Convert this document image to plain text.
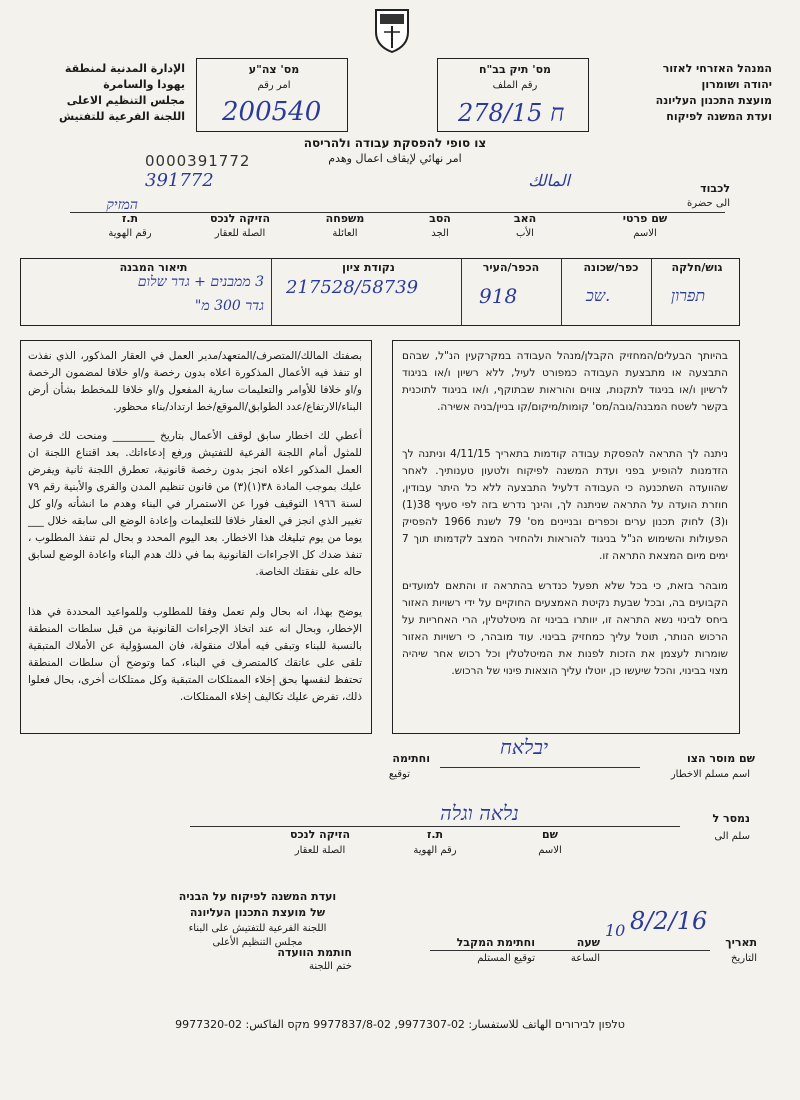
המנהל האזרחי לאזור
יהודה ושומרון
מועצת התכנון העליונה
ועדת המשנה לפיקוח
الإدارة المدنية لمنطقة
يهودا والسامرة
مجلس التنظيم الاعلى
اللجنة الفرعية للتفتيش
מס' תיק בב"ח
رقم الملف
278/15 ח
מס' צה"ע
امر رقم
200540
צו סופי להפסקת עבודה ולהריסה
امر نهائي لإيقاف اعمال وهدم
0000391772
391772	לכבוד
الى حضرة
المالك
המזיק
שם פרטי
الاسم
האב
الأب
הסב
الجد
משפחה
العائلة
הזיקה לנכס
الصلة للعقار
ת.ז
رقم الهوية
גוש/חלקה
כפר/שכונה
הכפר/העיר
נקודת ציון
תיאור המבנה
תפרון
שכ.
918
217528/58739
3 ממבנים + גדר שלום
גדר 300 מ"
בהיותך הבעלים/המחזיק הקבלן/מנהל העבודה במקרקעין הנ"ל, שבהם התבצעה או מתבצעת העבודה כמפורט לעיל, ללא רשיון ו/או בניגוד לרשיון ו/או בניגוד לתקנות, צווים והוראות שבתוקף, ו/או בניגוד לתוכנית בקשר לשטח המבנה/גובה/מס' קומות/מיקום/קו בניין/בניה אשירה.
ניתנה לך התראה להפסקת עבודה קודמות בתאריך 4/11/15 וניתנה לך הזדמנות להופיע בפני ועדת המשנה לפיקוח ולטעון טענותיך. לאחר שהוועדה השתכנעה כי העבודה דלעיל התבצעה ללא כל היתר עבודין, חוזרת הועדה על התראה שניתנה לך, והינך נדרש בזה לפי סעיף 38(1) ו(3) לחוק תכנון ערים וכפרים ובניינים מס' 79 לשנת 1966 להפסיק הפעולות והשימוש הנ"ל בניגוד להוראות ולהחזיר המצב לקדמותו תוך 7 ימים מיום המצאת התראה זו.
מובהר בזאת, כי בכל שלא תפעל כנדרש בהתראה זו והתאם למועדים הקבועים בה, ובכל שבעת נקיטת האמצעים החוקיים על ידי רשויות האזור ביחס לבינוי נשא התראה זו, יוותרו בבינוי זה מיטלטלין, הרי האחריות על הרכוש הנותר, תוטל עליך כמחזיק בבינוי. עוד מובהר, כי רשויות האזור שומרות לעצמן את הזכות לפנות את המיטלטלין וכל רכוש אחר שיהיה מצוי בבינוי, והכל שיעשו כן, יוטלו עליך הוצאות פינוי של הרכוש.
بصفتك المالك/المتصرف/المتعهد/مدير العمل في العقار المذكور، الذي نفذت او تنفذ فيه الأعمال المذكورة اعلاه بدون رخصة و/او خلافا لمضمون الرخصة و/او خلافا للأوامر والتعليمات سارية المفعول و/او خلافا للمخطط بشأن أرض البناء/الارتفاع/عدد الطوابق/الموقع/خط ارتداد/بناء محظور.
أعطي لك اخطار سابق لوقف الأعمال بتاريخ ________ ومنحت لك فرصة للمثول أمام اللجنة الفرعية للتفتيش ورفع إدعاءاتك. بعد اقتناع اللجنة ان العمل المذكور اعلاه انجز بدون رخصة قانونية، تعطرق اللجنة ثانية ويفرض عليك بموجب المادة ٣٨(١)(٣) من قانون تنظيم المدن والقرى والأبنية رقم ٧٩ لسنة ١٩٦٦ التوقيف فورا عن الاستمرار في البناء وهدم ما انشأته و/او كل تغيير الذي انجز في العقار خلافا للتعليمات وإعادة الوضع الى سابقه خلال ___ يوما من يوم تبليغك هذا الاخطار. بعد اليوم المحدد و بحال لم تنفذ المطلوب ، تنفذ ضدك كل الاجراءات القانونية بما في ذلك هدم البناء واعادة الوضع لسابق حاله على نفقتك الخاصة.
يوضح بهذا، انه بحال ولم تعمل وفقا للمطلوب وللمواعيد المحددة في هذا الإخطار، وبحال انه عند اتخاذ الإجراءات القانونية من قبل سلطات المنطقة بالنسبة للبناء وتبقى فيه أملاك منقولة، فان المسؤولية عن الأملاك المتبقية تلقى على عاتقك كالمتصرف في البناء، كما وتوضح أن سلطات المنطقة تحتفظ لنفسها بحق إخلاء الممتلكات المتبقية وكل ممتلكات أخرى، بحال فعلوا ذلك، تفرض عليك تكاليف إخلاء الممتلكات.
שם מוסר הצו
اسم مسلم الاخطار
וחתימה
توقيع
יבלאח
נמסר ל
سلم الى
נלאה וגלה
שם
الاسم
ת.ז
رقم الهوية
הזיקה לנכס
الصلة للعقار
ועדת המשנה לפיקוח על הבניה
של מועצת התכנון העליונה
اللجنة الفرعية للتفتيش على البناء
مجلس التنظيم الأعلى
חותמת הוועדה
ختم اللجنة
וחתימת המקבל
توقيع المستلم
שעה
الساعة
10
תאריך
التاريخ
8/2/16
טלפון לבירורים الهاتف للاستفسار: 02-9977307, 02-9977837/8 מקס الفاكس: 02-9977320
